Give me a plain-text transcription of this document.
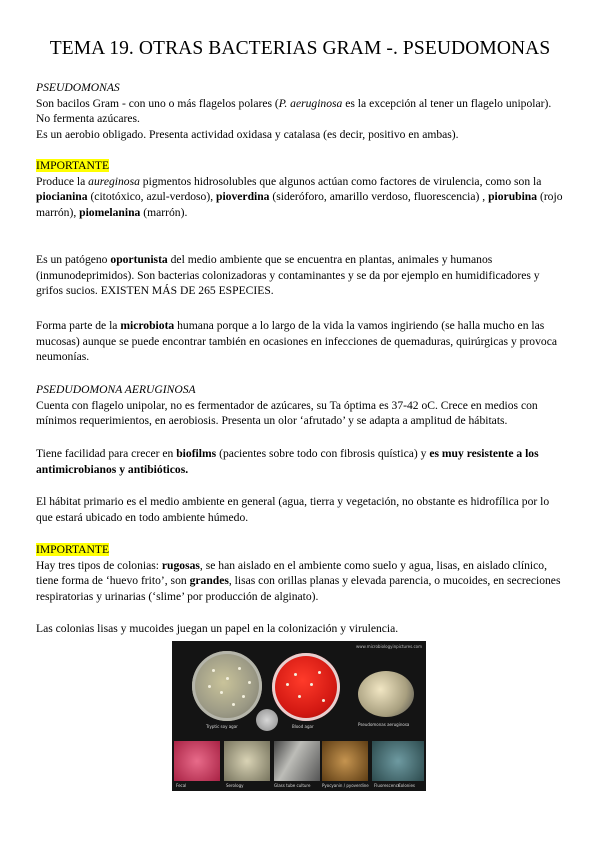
TEMA 19. OTRAS BACTERIAS GRAM -. PSEUDOMONAS

PSEUDOMONAS

Son bacilos Gram - con uno o más flagelos polares (P. aeruginosa es la excepción al tener un flagelo unipolar). No fermenta azúcares.

Es un aerobio obligado. Presenta actividad oxidasa y catalasa (es decir, positivo en ambas).

IMPORTANTE

Produce la aureginosa pigmentos hidrosolubles que algunos actúan como factores de virulencia, como son la piocianina (citotóxico, azul-verdoso), pioverdina (sideróforo, amarillo verdoso, fluorescencia) , piorubina (rojo marrón), piomelanina (marrón).

Es un patógeno oportunista del medio ambiente que se encuentra en plantas, animales y humanos (inmunodeprimidos). Son bacterias colonizadoras y contaminantes y se da por ejemplo en humidificadores y grifos sucios. EXISTEN MÁS DE 265 ESPECIES.

Forma parte de la microbiota humana porque a lo largo de la vida la vamos ingiriendo (se halla mucho en las mucosas) aunque se puede encontrar también en ocasiones en infecciones de quemaduras, quirúrgicas y provoca neumonías.

PSEDUDOMONA AERUGINOSA

Cuenta con flagelo unipolar, no es fermentador de azúcares, su Ta óptima es 37-42 oC. Crece en medios con mínimos requerimientos, en aerobiosis. Presenta un olor ‘afrutado’ y se adapta a amplitud de hábitats.

Tiene facilidad para crecer en biofilms (pacientes sobre todo con fibrosis quística) y es muy resistente a los antimicrobianos y antibióticos.

El hábitat primario es el medio ambiente en general (agua, tierra y vegetación, no obstante es hidrofílica por lo que estará ubicado en todo ambiente húmedo.

IMPORTANTE

Hay tres tipos de colonias: rugosas, se han aislado en el ambiente como suelo y agua, lisas, en aislado clínico, tiene forma de ‘huevo frito’, son grandes, lisas con orillas planas y elevada parencia, o mucoides, en secreciones respiratorias y urinarias (‘slime’ por producción de alginato).

Las colonias lisas y mucoides juegan un papel en la colonización y virulencia.

www.microbiologyinpictures.com
Tryptic soy agar	Blood agar	Pseudomonas aeruginosa
Fecal	Serology	Glass tube culture	Pyocyanin / pyoverdine Fluorescence
Colonies
